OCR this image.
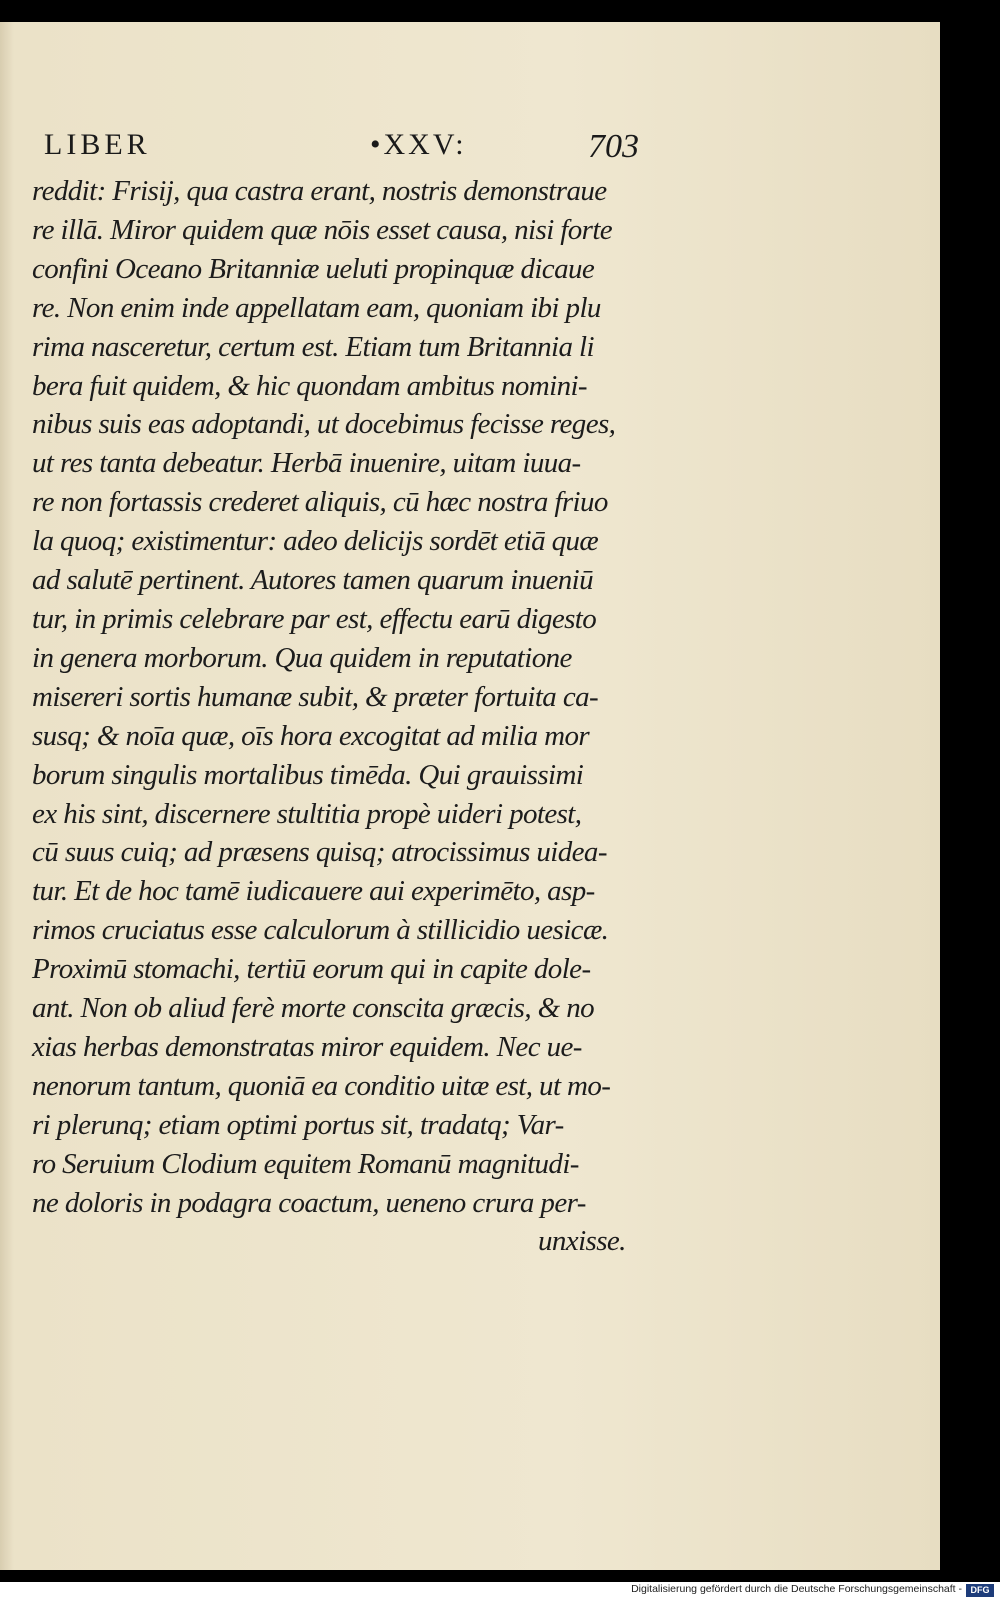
LIBER	•XXV:	703
reddit: Frisij, qua castra erant, nostris demonstraue
re illā. Miror quidem quæ nōis esset causa, nisi forte
confini Oceano Britanniæ ueluti propinquæ dicaue
re. Non enim inde appellatam eam, quoniam ibi plu
rima nasceretur, certum est. Etiam tum Britannia li
bera fuit quidem, & hic quondam ambitus nomini-
nibus suis eas adoptandi, ut docebimus fecisse reges,
ut res tanta debeatur. Herbā inuenire, uitam iuua-
re non fortassis crederet aliquis, cū hæc nostra friuo
la quoq; existimentur: adeo delicijs sordēt etiā quæ
ad salutē pertinent. Autores tamen quarum inueniū
tur, in primis celebrare par est, effectu earū digesto
in genera morborum. Qua quidem in reputatione
misereri sortis humanæ subit, & præter fortuita ca-
susq; & noīa quæ, oīs hora excogitat ad milia mor
borum singulis mortalibus timēda. Qui grauissimi
ex his sint, discernere stultitia propè uideri potest,
cū suus cuiq; ad præsens quisq; atrocissimus uidea-
tur. Et de hoc tamē iudicauere aui experimēto, asp-
rimos cruciatus esse calculorum à stillicidio uesicæ.
Proximū stomachi, tertiū eorum qui in capite dole-
ant. Non ob aliud ferè morte conscita græcis, & no
xias herbas demonstratas miror equidem. Nec ue-
nenorum tantum, quoniā ea conditio uitæ est, ut mo-
ri plerunq; etiam optimi portus sit, tradatq; Var-
ro Seruium Clodium equitem Romanū magnitudi-
ne doloris in podagra coactum, ueneno crura per-
unxisse.
Digitalisierung gefördert durch die Deutsche Forschungsgemeinschaft - DFG
